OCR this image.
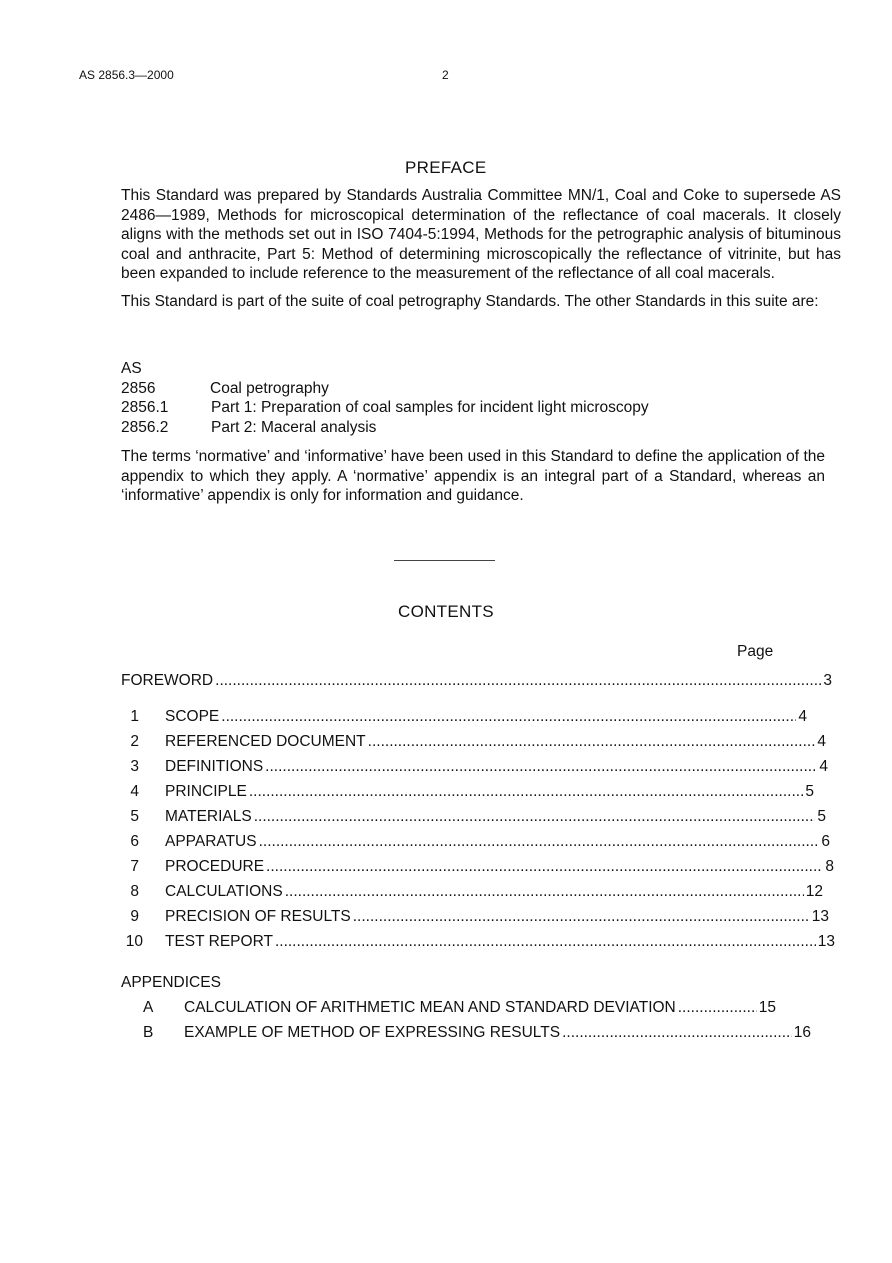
AS 2856.3—2000	2
PREFACE

This Standard was prepared by Standards Australia Committee MN/1, Coal and Coke to supersede AS 2486—1989, Methods for microscopical determination of the reflectance of coal macerals. It closely aligns with the methods set out in ISO 7404-5:1994, Methods for the petrographic analysis of bituminous coal and anthracite, Part 5: Method of determining microscopically the reflectance of vitrinite, but has been expanded to include reference to the measurement of the reflectance of all coal macerals.

This Standard is part of the suite of coal petrography Standards. The other Standards in this suite are:

AS
2856	Coal petrography
2856.1	Part 1: Preparation of coal samples for incident light microscopy
2856.2	Part 2: Maceral analysis
The terms ‘normative’ and ‘informative’ have been used in this Standard to define the application of the appendix to which they apply. A ‘normative’ appendix is an integral part of a Standard, whereas an ‘informative’ appendix is only for information and guidance.
CONTENTS
Page
FOREWORD .....	3
1 SCOPE .....	4
2 REFERENCED DOCUMENT .....	4
3 DEFINITIONS .....	4
4 PRINCIPLE .....	5
5 MATERIALS .....	5
6 APPARATUS .....	6
7 PROCEDURE .....	8
8 CALCULATIONS .....	12
9 PRECISION OF RESULTS .....	13
10 TEST REPORT .....	13
APPENDICES
A CALCULATION OF ARITHMETIC MEAN AND STANDARD DEVIATION .....	15
B EXAMPLE OF METHOD OF EXPRESSING RESULTS .....	16
